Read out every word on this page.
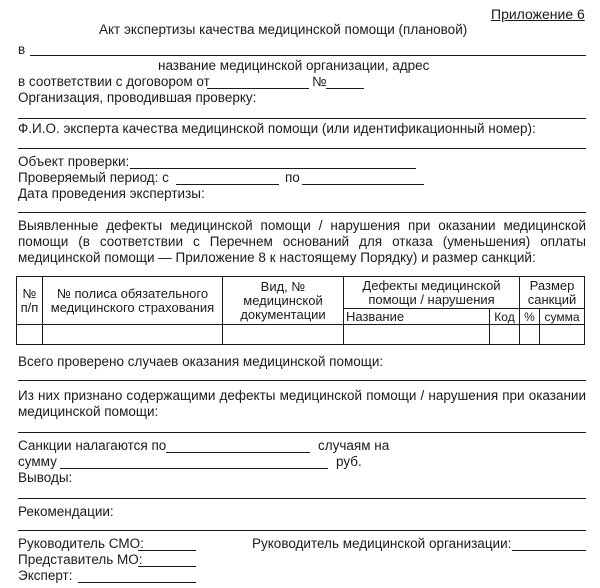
Приложение 6
Акт экспертизы качества медицинской помощи (плановой)
в
название медицинской организации, адрес
в соответствии с договором от	№
Организация, проводившая проверку:
Ф.И.О. эксперта качества медицинской помощи (или идентификационный номер):
Объект проверки:
Проверяемый период: с	по
Дата проведения экспертизы:
Выявленные дефекты медицинской помощи / нарушения при оказании медицинской помощи (в соответствии с Перечнем оснований для отказа (уменьшения) оплаты медицинской помощи — Приложение 8 к настоящему Порядку) и размер санкций:
№ п/п	№ полиса обязательного медицинского страхования	Вид, № медицинской документации	Дефекты медицинской помощи / нарушения		Размер санкций	
			Название	Код	%	сумма

Всего проверено случаев оказания медицинской помощи:
Из них признано содержащими дефекты медицинской помощи / нарушения при оказании медицинской помощи:
Санкции налагаются по	случаям на
сумму	руб.
Выводы:
Рекомендации:
Руководитель СМО:	Руководитель медицинской организации:
Представитель МО:
Эксперт:
